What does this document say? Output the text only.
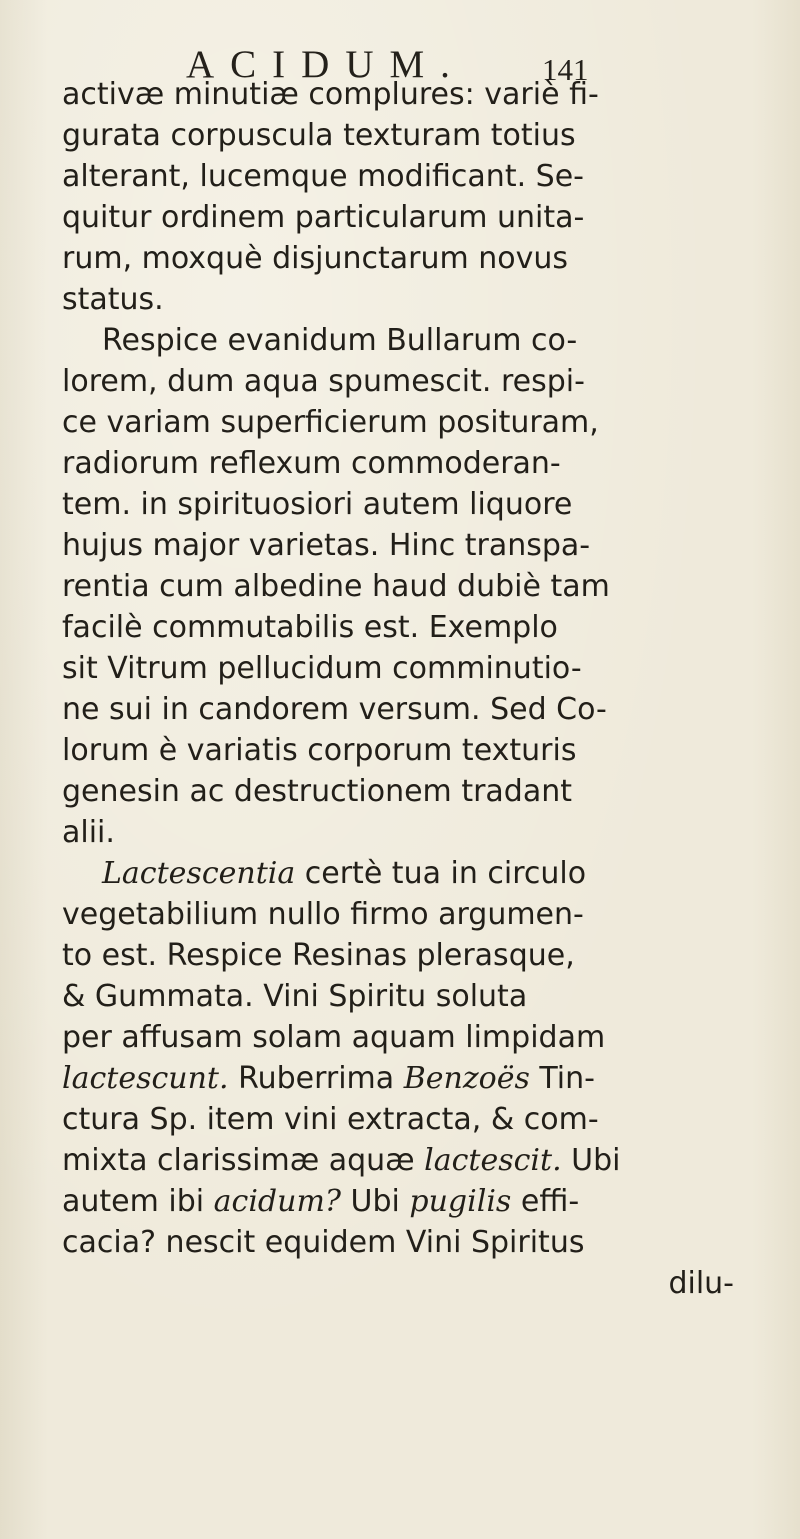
ACIDUM. 141
activæ minutiæ complures: variè fi-
gurata corpuscula texturam totius
alterant, lucemque modificant. Se-
quitur ordinem particularum unita-
rum, moxquè disjunctarum novus
status.
Respice evanidum Bullarum co-
lorem, dum aqua spumescit. respi-
ce variam superficierum posituram,
radiorum reflexum commoderan-
tem. in spirituosiori autem liquore
hujus major varietas. Hinc transpa-
rentia cum albedine haud dubiè tam
facilè commutabilis est. Exemplo
sit Vitrum pellucidum comminutio-
ne sui in candorem versum. Sed Co-
lorum è variatis corporum texturis
genesin ac destructionem tradant
alii.
Lactescentia certè tua in circulo
vegetabilium nullo firmo argumen-
to est. Respice Resinas plerasque,
& Gummata. Vini Spiritu soluta
per affusam solam aquam limpidam
lactescunt. Ruberrima Benzoës Tin-
ctura Sp. item vini extracta, & com-
mixta clarissimæ aquæ lactescit. Ubi
autem ibi acidum? Ubi pugilis effi-
cacia? nescit equidem Vini Spiritus
dilu-
